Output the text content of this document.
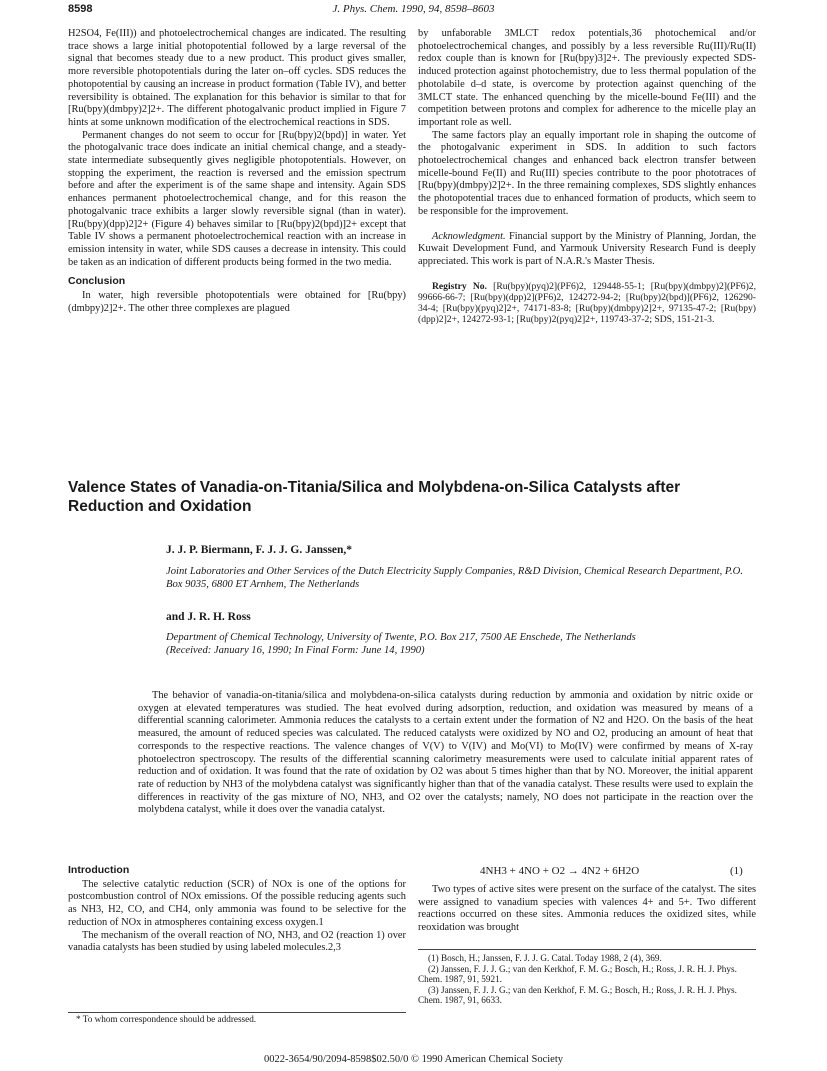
8598	J. Phys. Chem. 1990, 94, 8598–8603

H2SO4, Fe(III)) and photoelectrochemical changes are indicated. The resulting trace shows a large initial photopotential followed by a large reversal of the signal that becomes steady due to a new product. This product gives smaller, more reversible photopotentials during the later on–off cycles. SDS reduces the photopotential by causing an increase in product formation (Table IV), and better reversibility is obtained. The explanation for this behavior is similar to that for [Ru(bpy)(dmbpy)2]2+. The different photogalvanic product implied in Figure 7 hints at some unknown modification of the electrochemical reactions in SDS.

Permanent changes do not seem to occur for [Ru(bpy)2(bpd)] in water. Yet the photogalvanic trace does indicate an initial chemical change, and a steady-state intermediate subsequently gives negligible photopotentials. However, on stopping the experiment, the reaction is reversed and the emission spectrum before and after the experiment is of the same shape and intensity. Again SDS enhances permanent photoelectrochemical change, and for this reason the photogalvanic trace exhibits a larger slowly reversible signal (than in water). [Ru(bpy)(dpp)2]2+ (Figure 4) behaves similar to [Ru(bpy)2(bpd)]2+ except that Table IV shows a permanent photoelectrochemical reaction with an increase in emission intensity in water, while SDS causes a decrease in intensity. This could be taken as an indication of different products being formed in the two media.

Conclusion

In water, high reversible photopotentials were obtained for [Ru(bpy)(dmbpy)2]2+. The other three complexes are plagued

by unfaborable 3MLCT redox potentials,36 photochemical and/or photoelectrochemical changes, and possibly by a less reversible Ru(III)/Ru(II) redox couple than is known for [Ru(bpy)3]2+. The previously expected SDS-induced protection against photochemistry, due to less thermal population of the photolabile d–d state, is overcome by protection against quenching of the 3MLCT state. The enhanced quenching by the micelle-bound Fe(III) and the competition between protons and complex for adherence to the micelle play an important role as well.

The same factors play an equally important role in shaping the outcome of the photogalvanic experiment in SDS. In addition to such factors photoelectrochemical changes and enhanced back electron transfer between micelle-bound Fe(II) and Ru(III) species contribute to the poor phototraces of [Ru(bpy)(dmbpy)2]2+. In the three remaining complexes, SDS slightly enhances the photopotential traces due to enhanced formation of products, which seem to be responsible for the improvement.

Acknowledgment. Financial support by the Ministry of Planning, Jordan, the Kuwait Development Fund, and Yarmouk University Research Fund is deeply appreciated. This work is part of N.A.R.'s Master Thesis.

Registry No. [Ru(bpy)(pyq)2](PF6)2, 129448-55-1; [Ru(bpy)(dmbpy)2](PF6)2, 99666-66-7; [Ru(bpy)(dpp)2](PF6)2, 124272-94-2; [Ru(bpy)2(bpd)](PF6)2, 126290-34-4; [Ru(bpy)(pyq)2]2+, 74171-83-8; [Ru(bpy)(dmbpy)2]2+, 97135-47-2; [Ru(bpy)(dpp)2]2+, 124272-93-1; [Ru(bpy)2(pyq)2]2+, 119743-37-2; SDS, 151-21-3.

Valence States of Vanadia-on-Titania/Silica and Molybdena-on-Silica Catalysts after Reduction and Oxidation
J. J. P. Biermann, F. J. J. G. Janssen,*
Joint Laboratories and Other Services of the Dutch Electricity Supply Companies, R&D Division, Chemical Research Department, P.O. Box 9035, 6800 ET Arnhem, The Netherlands
and J. R. H. Ross
Department of Chemical Technology, University of Twente, P.O. Box 217, 7500 AE Enschede, The Netherlands
(Received: January 16, 1990; In Final Form: June 14, 1990)
The behavior of vanadia-on-titania/silica and molybdena-on-silica catalysts during reduction by ammonia and oxidation by nitric oxide or oxygen at elevated temperatures was studied. The heat evolved during adsorption, reduction, and oxidation was measured by means of a differential scanning calorimeter. Ammonia reduces the catalysts to a certain extent under the formation of N2 and H2O. On the basis of the heat measured, the amount of reduced species was calculated. The reduced catalysts were oxidized by NO and O2, producing an amount of heat that corresponds to the respective reactions. The valence changes of V(V) to V(IV) and Mo(VI) to Mo(IV) were confirmed by means of X-ray photoelectron spectroscopy. The results of the differential scanning calorimetry measurements were used to calculate initial apparent rates of reduction and of oxidation. It was found that the rate of oxidation by O2 was about 5 times higher than that by NO. Moreover, the initial apparent rate of reduction by NH3 of the molybdena catalyst was significantly higher than that of the vanadia catalyst. These results were used to explain the differences in reactivity of the gas mixture of NO, NH3, and O2 over the catalysts; namely, NO does not participate in the reaction over the molybdena catalyst, while it does over the vanadia catalyst.
Introduction

The selective catalytic reduction (SCR) of NOx is one of the options for postcombustion control of NOx emissions. Of the possible reducing agents such as NH3, H2, CO, and CH4, only ammonia was found to be selective for the reduction of NOx in atmospheres containing excess oxygen.1

The mechanism of the overall reaction of NO, NH3, and O2 (reaction 1) over vanadia catalysts has been studied by using labeled molecules.2,3

* To whom correspondence should be addressed.
4NH3 + 4NO + O2 → 4N2 + 6H2O	(1)

Two types of active sites were present on the surface of the catalyst. The sites were assigned to vanadium species with valences 4+ and 5+. Two different reactions occurred on these sites. Ammonia reduces the oxidized sites, while reoxidation was brought

(1) Bosch, H.; Janssen, F. J. J. G. Catal. Today 1988, 2 (4), 369.
(2) Janssen, F. J. J. G.; van den Kerkhof, F. M. G.; Bosch, H.; Ross, J. R. H. J. Phys. Chem. 1987, 91, 5921.
(3) Janssen, F. J. J. G.; van den Kerkhof, F. M. G.; Bosch, H.; Ross, J. R. H. J. Phys. Chem. 1987, 91, 6633.
0022-3654/90/2094-8598$02.50/0 © 1990 American Chemical Society
